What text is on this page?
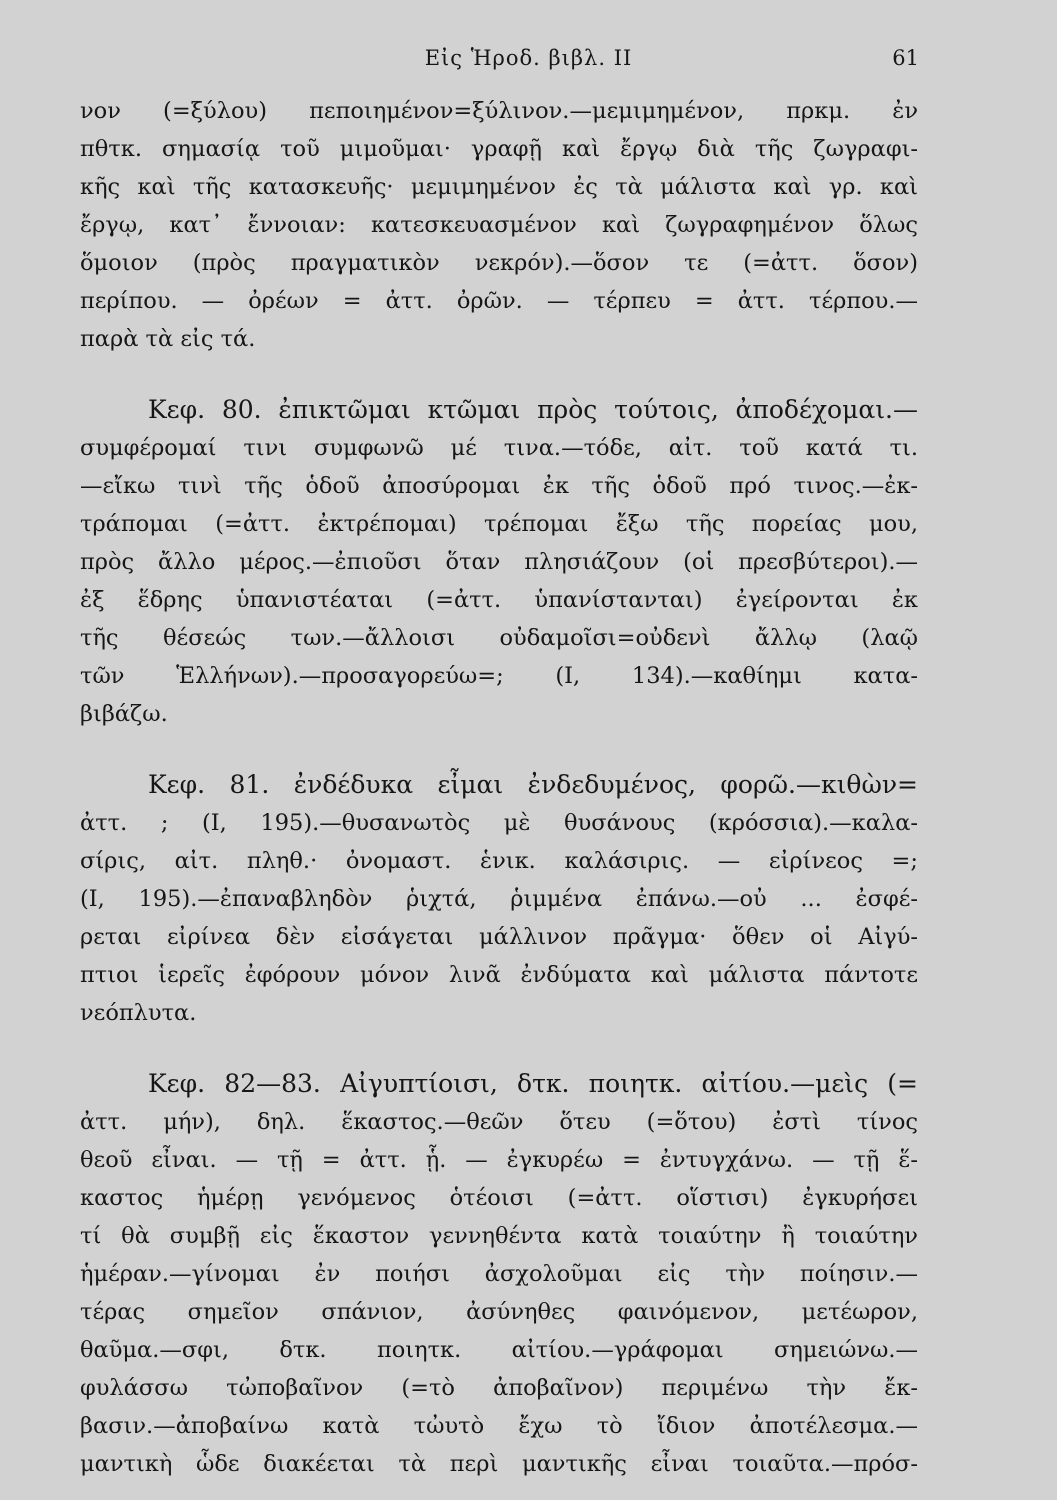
Εἰς Ἡροδ. βιβλ. II	61
νον (=ξύλου) πεποιημένον=ξύλινον.—μεμιμημένον, πρκμ. ἐν
πθτκ. σημασίᾳ τοῦ μιμοῦμαι· γραφῇ καὶ ἔργῳ διὰ τῆς ζωγραφι-
κῆς καὶ τῆς κατασκευῆς· μεμιμημένον ἐς τὰ μάλιστα καὶ γρ. καὶ
ἔργῳ, κατ᾽ ἔννοιαν: κατεσκευασμένον καὶ ζωγραφημένον ὅλως
ὅμοιον (πρὸς πραγματικὸν νεκρόν).—ὅσον τε (=ἀττ. ὅσον)
περίπου. — ὀρέων = ἀττ. ὀρῶν. — τέρπευ = ἀττ. τέρπου.—
παρὰ τὰ εἰς τά.
Κεφ. 80. ἐπικτῶμαι κτῶμαι πρὸς τούτοις, ἀποδέχομαι.—
συμφέρομαί τινι συμφωνῶ μέ τινα.—τόδε, αἰτ. τοῦ κατά τι.
—εἴκω τινὶ τῆς ὁδοῦ ἀποσύρομαι ἐκ τῆς ὁδοῦ πρό τινος.—ἐκ-
τράπομαι (=ἀττ. ἐκτρέπομαι) τρέπομαι ἔξω τῆς πορείας μου,
πρὸς ἄλλο μέρος.—ἐπιοῦσι ὅταν πλησιάζουν (οἱ πρεσβύτεροι).—
ἐξ ἕδρης ὑπανιστέαται (=ἀττ. ὑπανίστανται) ἐγείρονται ἐκ
τῆς θέσεώς των.—ἄλλοισι οὐδαμοῖσι=οὐδενὶ ἄλλῳ (λαῷ
τῶν Ἑλλήνων).—προσαγορεύω=; (I, 134).—καθίημι κατα-
βιβάζω.
Κεφ. 81. ἐνδέδυκα εἶμαι ἐνδεδυμένος, φορῶ.—κιθὼν=
ἀττ. ; (I, 195).—θυσανωτὸς μὲ θυσάνους (κρόσσια).—καλα-
σίρις, αἰτ. πληθ.· ὀνομαστ. ἑνικ. καλάσιρις. — εἰρίνεος =;
(I, 195).—ἐπαναβληδὸν ῥιχτά, ῥιμμένα ἐπάνω.—οὐ ... ἐσφέ-
ρεται εἰρίνεα δὲν εἰσάγεται μάλλινον πρᾶγμα· ὅθεν οἱ Αἰγύ-
πτιοι ἱερεῖς ἐφόρουν μόνον λινᾶ ἐνδύματα καὶ μάλιστα πάντοτε
νεόπλυτα.
Κεφ. 82—83. Αἰγυπτίοισι, δτκ. ποιητκ. αἰτίου.—μεὶς (=
ἀττ. μήν), δηλ. ἕκαστος.—θεῶν ὅτευ (=ὅτου) ἐστὶ τίνος
θεοῦ εἶναι. — τῇ = ἀττ. ᾗ. — ἐγκυρέω = ἐντυγχάνω. — τῇ ἕ-
καστος ἡμέρῃ γενόμενος ὁτέοισι (=ἀττ. οἵστισι) ἐγκυρήσει
τί θὰ συμβῇ εἰς ἕκαστον γεννηθέντα κατὰ τοιαύτην ἢ τοιαύτην
ἡμέραν.—γίνομαι ἐν ποιήσι ἀσχολοῦμαι εἰς τὴν ποίησιν.—
τέρας σημεῖον σπάνιον, ἀσύνηθες φαινόμενον, μετέωρον,
θαῦμα.—σφι, δτκ. ποιητκ. αἰτίου.—γράφομαι σημειώνω.—
φυλάσσω τὠποβαῖνον (=τὸ ἀποβαῖνον) περιμένω τὴν ἔκ-
βασιν.—ἀποβαίνω κατὰ τὠυτὸ ἔχω τὸ ἴδιον ἀποτέλεσμα.—
μαντικὴ ὧδε διακέεται τὰ περὶ μαντικῆς εἶναι τοιαῦτα.—πρόσ-
